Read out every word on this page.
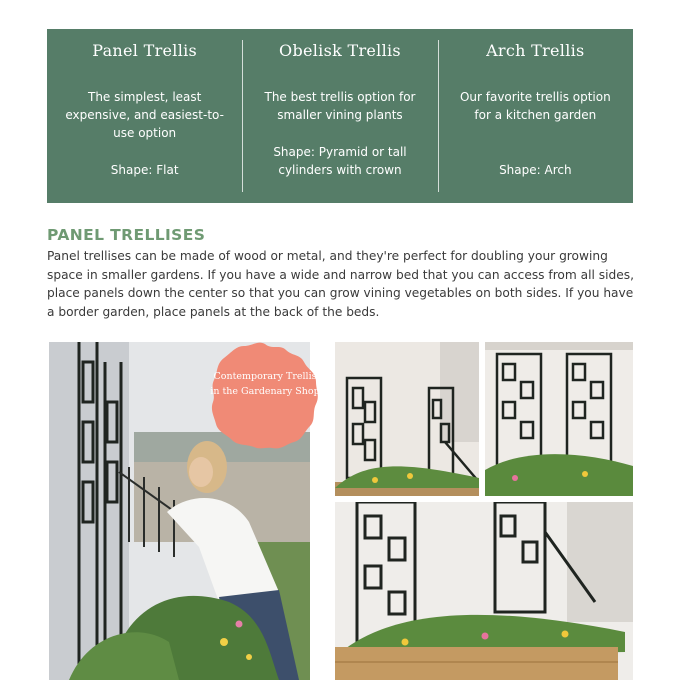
Panel Trellis
The simplest, least expensive, and easiest-to-use option
Shape: Flat
Obelisk Trellis
The best trellis option for smaller vining plants
Shape: Pyramid or tall cylinders with crown
Arch Trellis
Our favorite trellis option for a kitchen garden
Shape: Arch
PANEL TRELLISES
Panel trellises can be made of wood or metal, and they're perfect for doubling your growing space in smaller gardens. If you have a wide and narrow bed that you can access from all sides, place panels down the center so that you can grow vining vegetables on both sides. If you have a border garden, place panels at the back of the beds.
Contemporary Trellis in the Gardenary Shop
